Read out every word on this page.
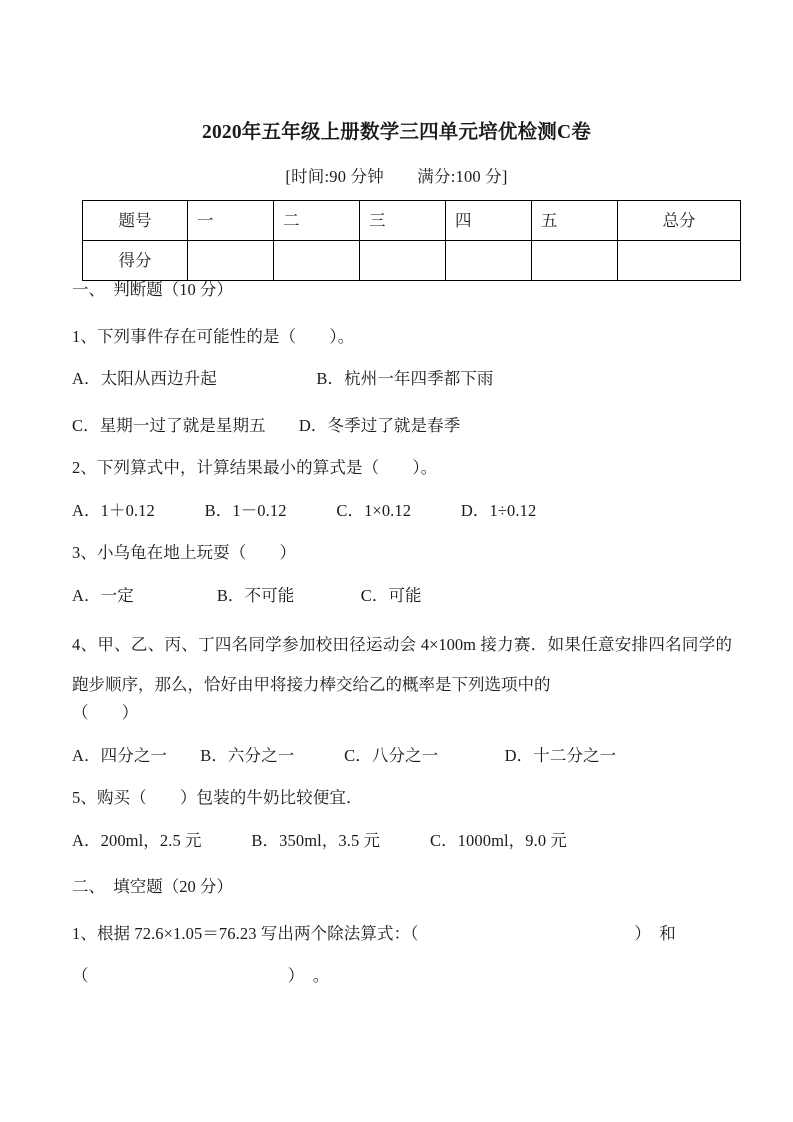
2020年五年级上册数学三四单元培优检测C卷
[时间:90 分钟　　满分:100 分]
题号	一	二	三	四	五	总分
得分						
一、　判断题（10 分）
1、下列事件存在可能性的是（　　）。
A．太阳从西边升起　　　　　　B．杭州一年四季都下雨
C．星期一过了就是星期五　　D．冬季过了就是春季
2、下列算式中，计算结果最小的算式是（　　）。
A．1＋0.12　　　B．1－0.12　　　C．1×0.12　　　D．1÷0.12
3、小乌龟在地上玩耍（　　）
A．一定　　　　　B．不可能　　　　C．可能
4、甲、乙、丙、丁四名同学参加校田径运动会 4×100m 接力赛．如果任意安排四名同学的跑步顺序，那么，恰好由甲将接力棒交给乙的概率是下列选项中的
（　　）
A．四分之一　　B．六分之一　　　C．八分之一　　　　D．十二分之一
5、购买（　　）包装的牛奶比较便宜．
A．200ml，2.5 元　　　B．350ml，3.5 元　　　C．1000ml，9.0 元
二、　填空题（20 分）
1、根据 72.6×1.05＝76.23 写出两个除法算式：（　　　　　　　　　　　　　）　和
（　　　　　　　　　　　　）　。
